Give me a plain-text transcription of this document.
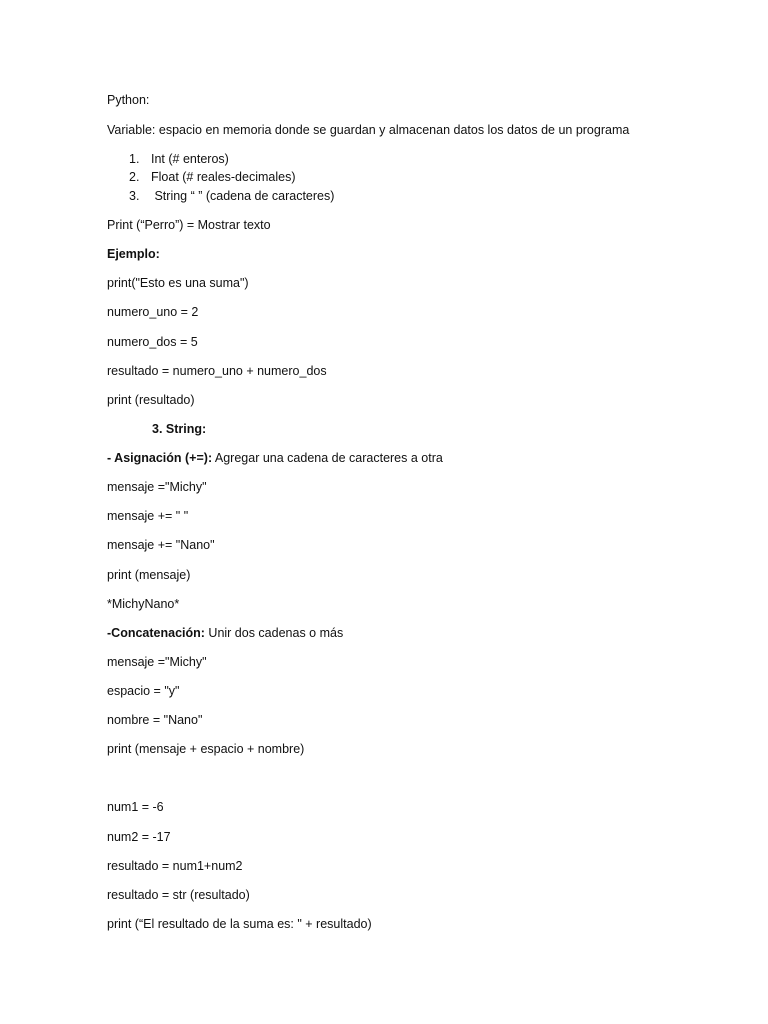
Python:
Variable: espacio en memoria donde se guardan y almacenan datos los datos de un programa
1. Int (# enteros)
2. Float (# reales-decimales)
3. String “ ” (cadena de caracteres)
Print (“Perro”) = Mostrar texto
Ejemplo:
print("Esto es una suma")
numero_uno = 2
numero_dos = 5
resultado = numero_uno + numero_dos
print (resultado)
3. String:
- Asignación (+=): Agregar una cadena de caracteres a otra
mensaje ="Michy"
mensaje += " "
mensaje += "Nano"
print (mensaje)
*MichyNano*
-Concatenación: Unir dos cadenas o más
mensaje ="Michy"
espacio = "y"
nombre = "Nano"
print (mensaje + espacio + nombre)
num1 = -6
num2 = -17
resultado = num1+num2
resultado = str (resultado)
print (“El resultado de la suma es: " + resultado)
